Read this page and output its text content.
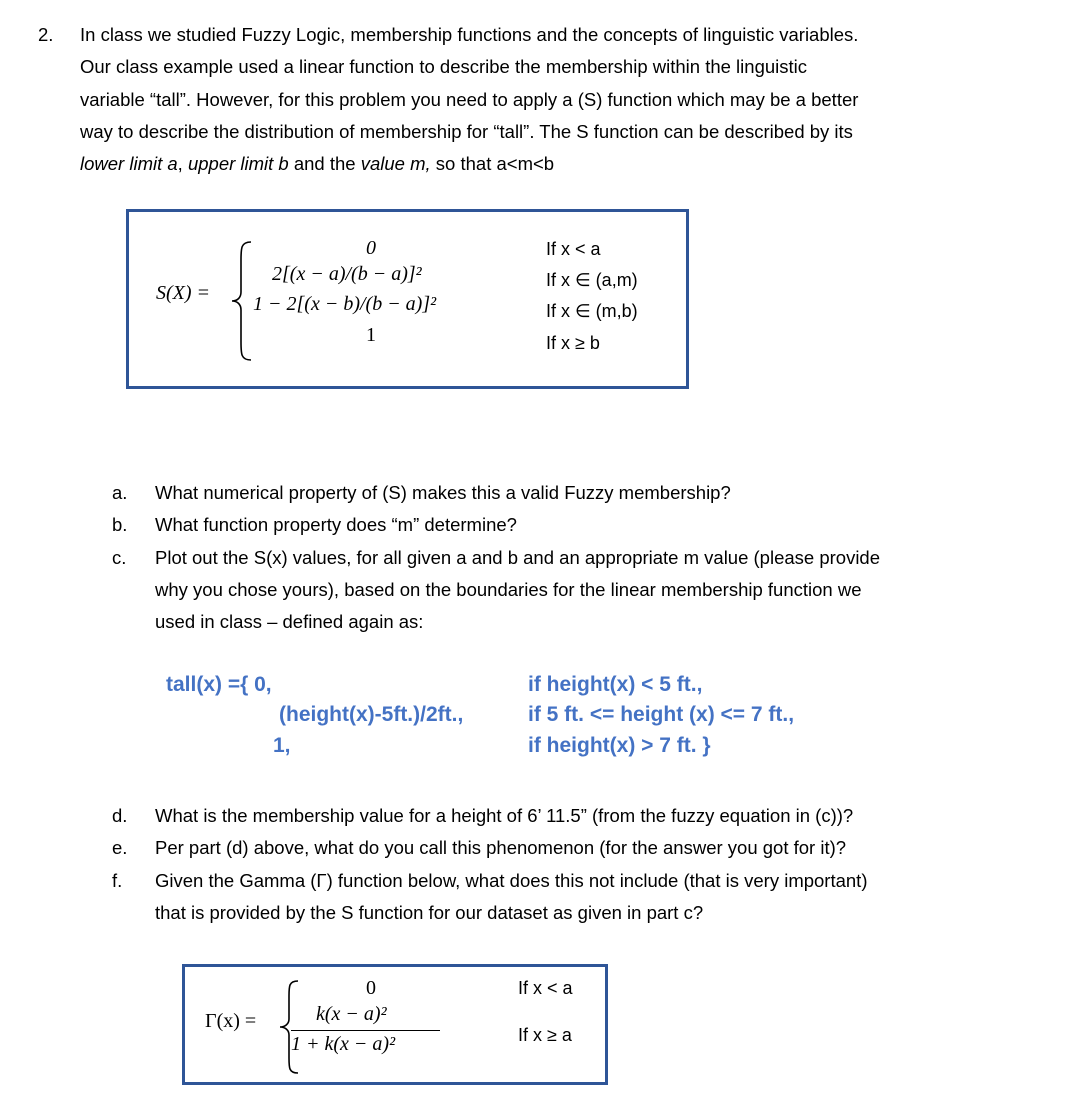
2. In class we studied Fuzzy Logic, membership functions and the concepts of linguistic variables.

Our class example used a linear function to describe the membership within the linguistic

variable “tall”. However, for this problem you need to apply a (S) function which may be a better

way to describe the distribution of membership for “tall”. The S function can be described by its

lower limit a, upper limit b and the value m, so that a<m<b

S(X) =
0
2[(x − a)/(b − a)]²
1 − 2[(x − b)/(b − a)]²
1
If x < a
If x ∈ (a,m)
If x ∈ (m,b)
If x ≥ b
a. What numerical property of (S) makes this a valid Fuzzy membership?
b. What function property does “m” determine?
c. Plot out the S(x) values, for all given a and b and an appropriate m value (please provide
why you chose yours), based on the boundaries for the linear membership function we
used in class – defined again as:
tall(x) ={ 0,
(height(x)-5ft.)/2ft.,
1,
if height(x) < 5 ft.,
if 5 ft. <= height (x) <= 7 ft.,
if height(x) > 7 ft. }
d. What is the membership value for a height of 6’ 11.5” (from the fuzzy equation in (c))?
e. Per part (d) above, what do you call this phenomenon (for the answer you got for it)?
f. Given the Gamma (Γ) function below, what does this not include (that is very important)
that is provided by the S function for our dataset as given in part c?
Γ(x) =
0
k(x − a)²
1 + k(x − a)²
If x < a
If x ≥ a
